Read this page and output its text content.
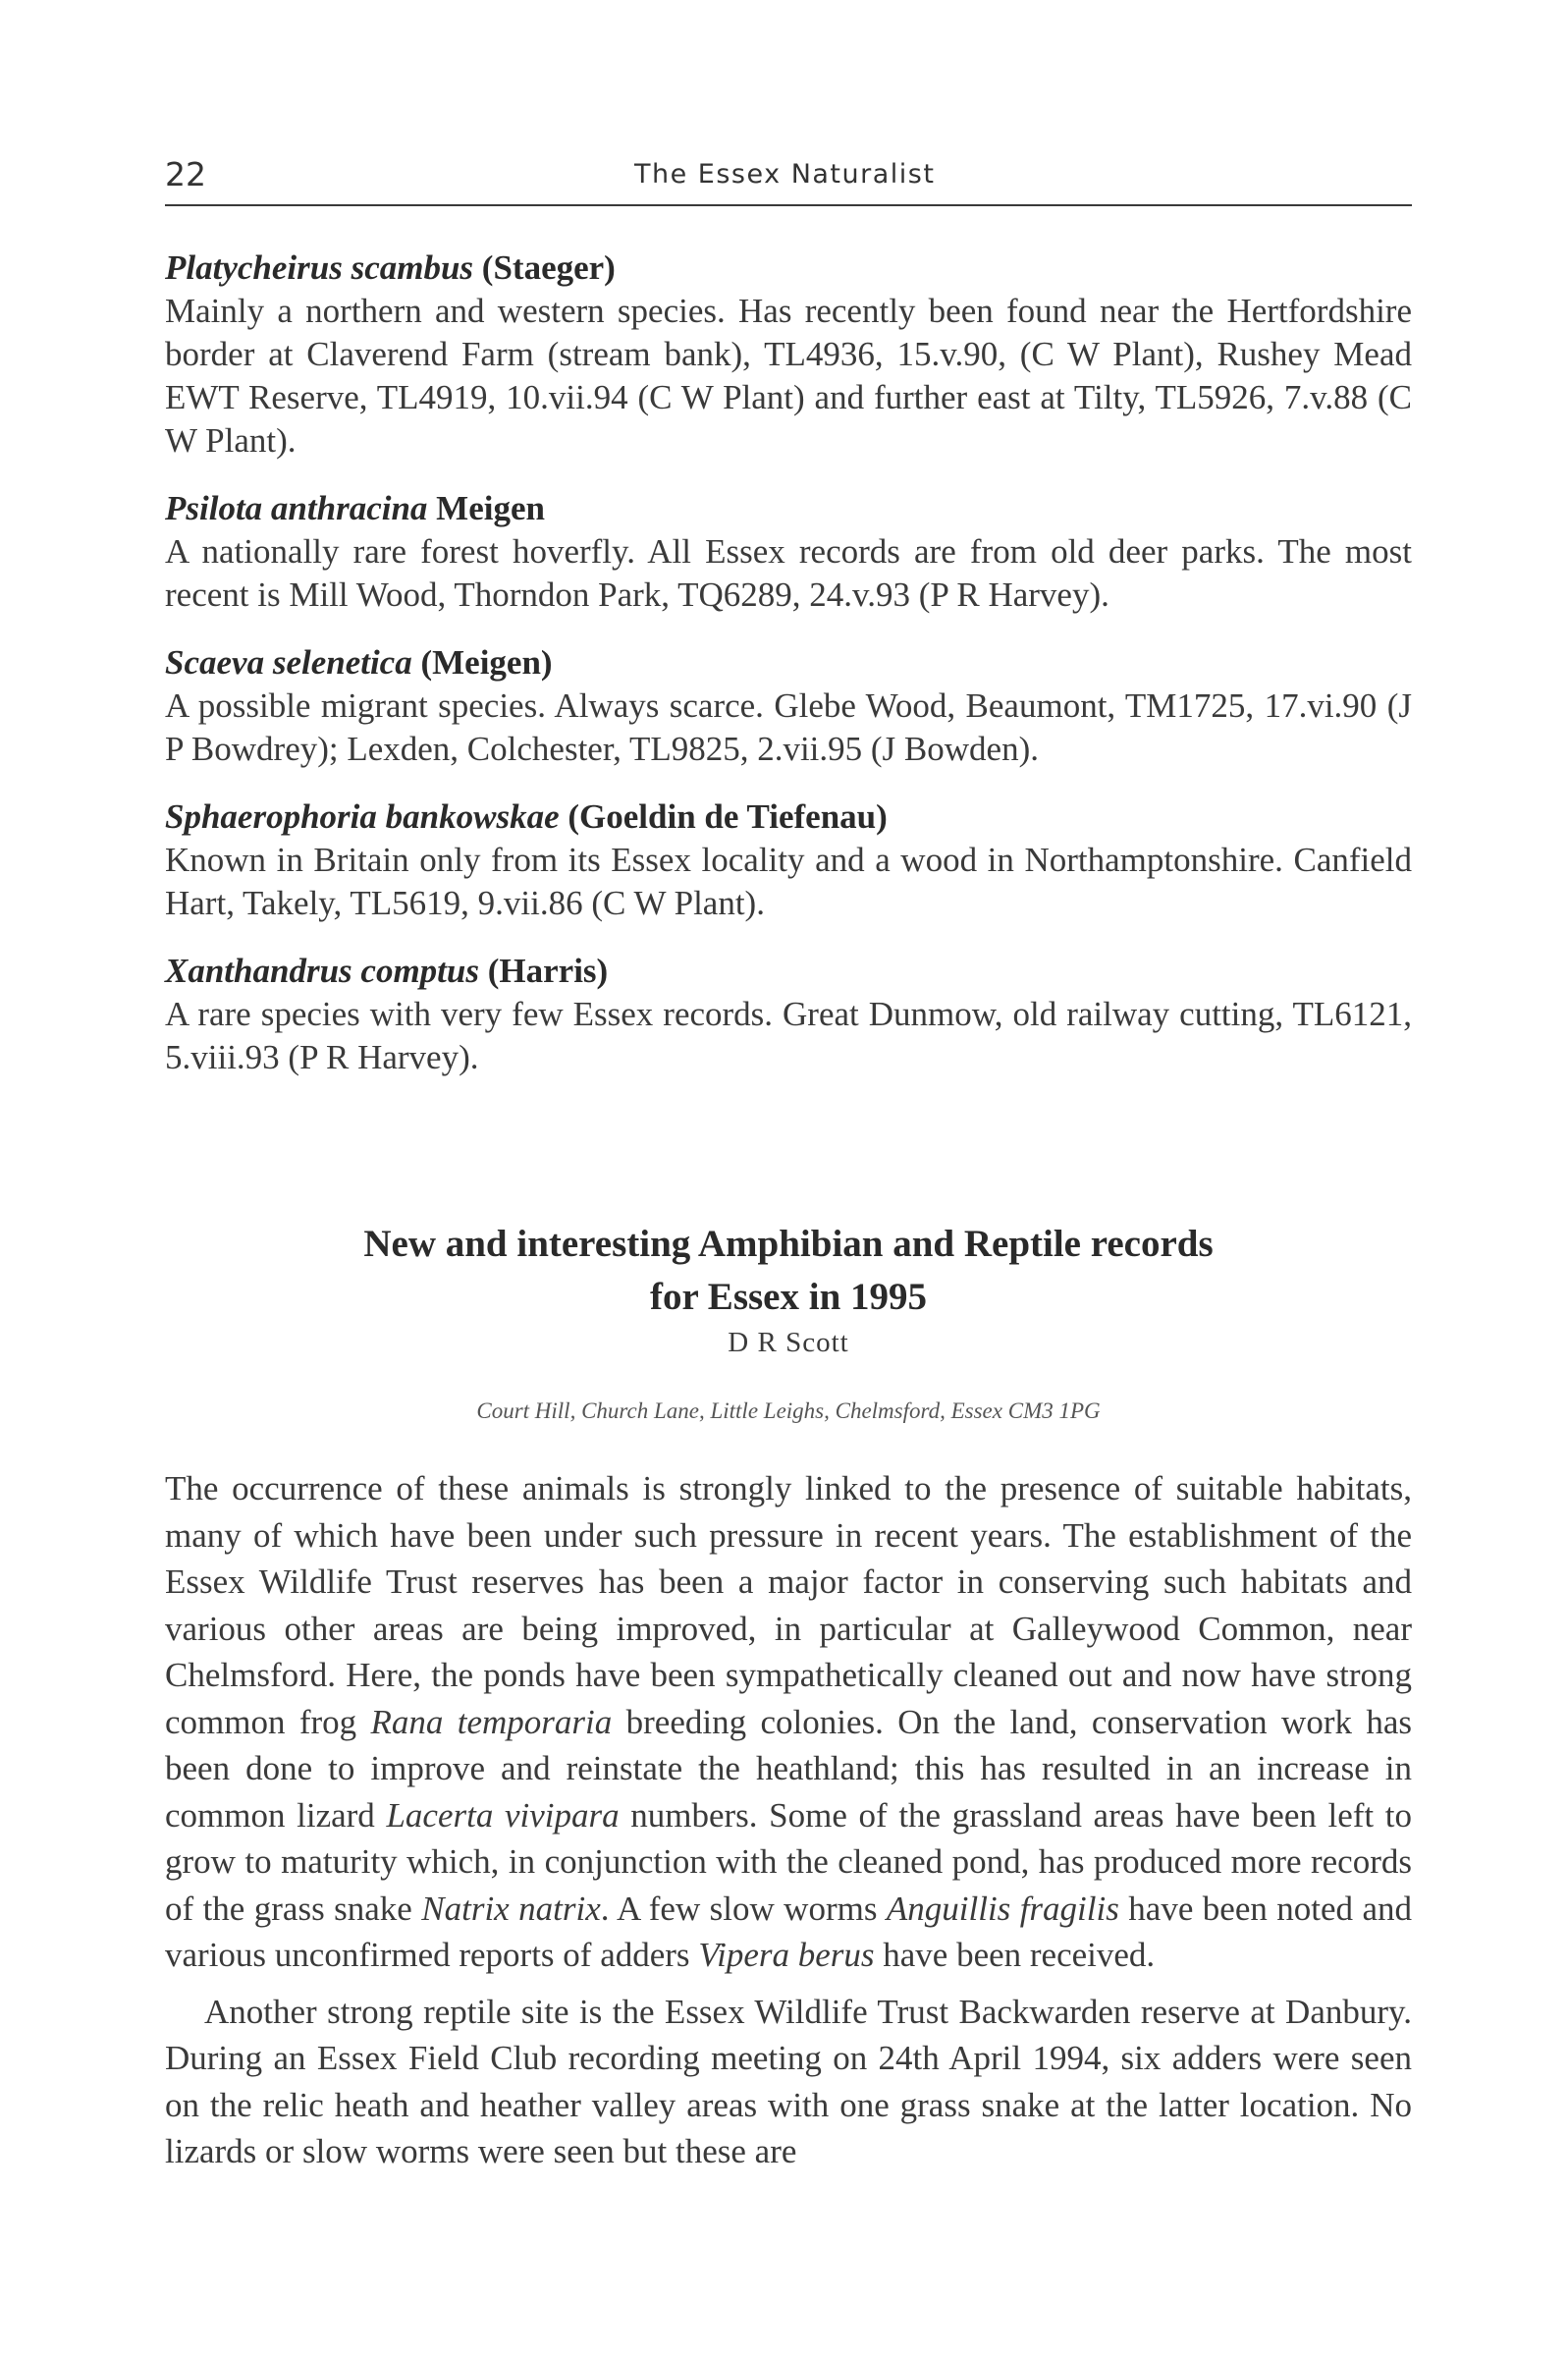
22	The Essex Naturalist
Platycheirus scambus (Staeger)
Mainly a northern and western species. Has recently been found near the Hertfordshire border at Claverend Farm (stream bank), TL4936, 15.v.90, (C W Plant), Rushey Mead EWT Reserve, TL4919, 10.vii.94 (C W Plant) and further east at Tilty, TL5926, 7.v.88 (C W Plant).
Psilota anthracina Meigen
A nationally rare forest hoverfly. All Essex records are from old deer parks. The most recent is Mill Wood, Thorndon Park, TQ6289, 24.v.93 (P R Harvey).
Scaeva selenetica (Meigen)
A possible migrant species. Always scarce. Glebe Wood, Beaumont, TM1725, 17.vi.90 (J P Bowdrey); Lexden, Colchester, TL9825, 2.vii.95 (J Bowden).
Sphaerophoria bankowskae (Goeldin de Tiefenau)
Known in Britain only from its Essex locality and a wood in Northamptonshire. Canfield Hart, Takely, TL5619, 9.vii.86 (C W Plant).
Xanthandrus comptus (Harris)
A rare species with very few Essex records. Great Dunmow, old railway cutting, TL6121, 5.viii.93 (P R Harvey).
New and interesting Amphibian and Reptile records
for Essex in 1995

D R Scott

Court Hill, Church Lane, Little Leighs, Chelmsford, Essex CM3 1PG

The occurrence of these animals is strongly linked to the presence of suitable habitats, many of which have been under such pressure in recent years. The establishment of the Essex Wildlife Trust reserves has been a major factor in conserving such habitats and various other areas are being improved, in particular at Galleywood Common, near Chelmsford. Here, the ponds have been sympathetically cleaned out and now have strong common frog Rana temporaria breeding colonies. On the land, conservation work has been done to improve and reinstate the heathland; this has resulted in an increase in common lizard Lacerta vivipara numbers. Some of the grassland areas have been left to grow to maturity which, in conjunction with the cleaned pond, has produced more records of the grass snake Natrix natrix. A few slow worms Anguillis fragilis have been noted and various unconfirmed reports of adders Vipera berus have been received.

Another strong reptile site is the Essex Wildlife Trust Backwarden reserve at Danbury. During an Essex Field Club recording meeting on 24th April 1994, six adders were seen on the relic heath and heather valley areas with one grass snake at the latter location. No lizards or slow worms were seen but these are
